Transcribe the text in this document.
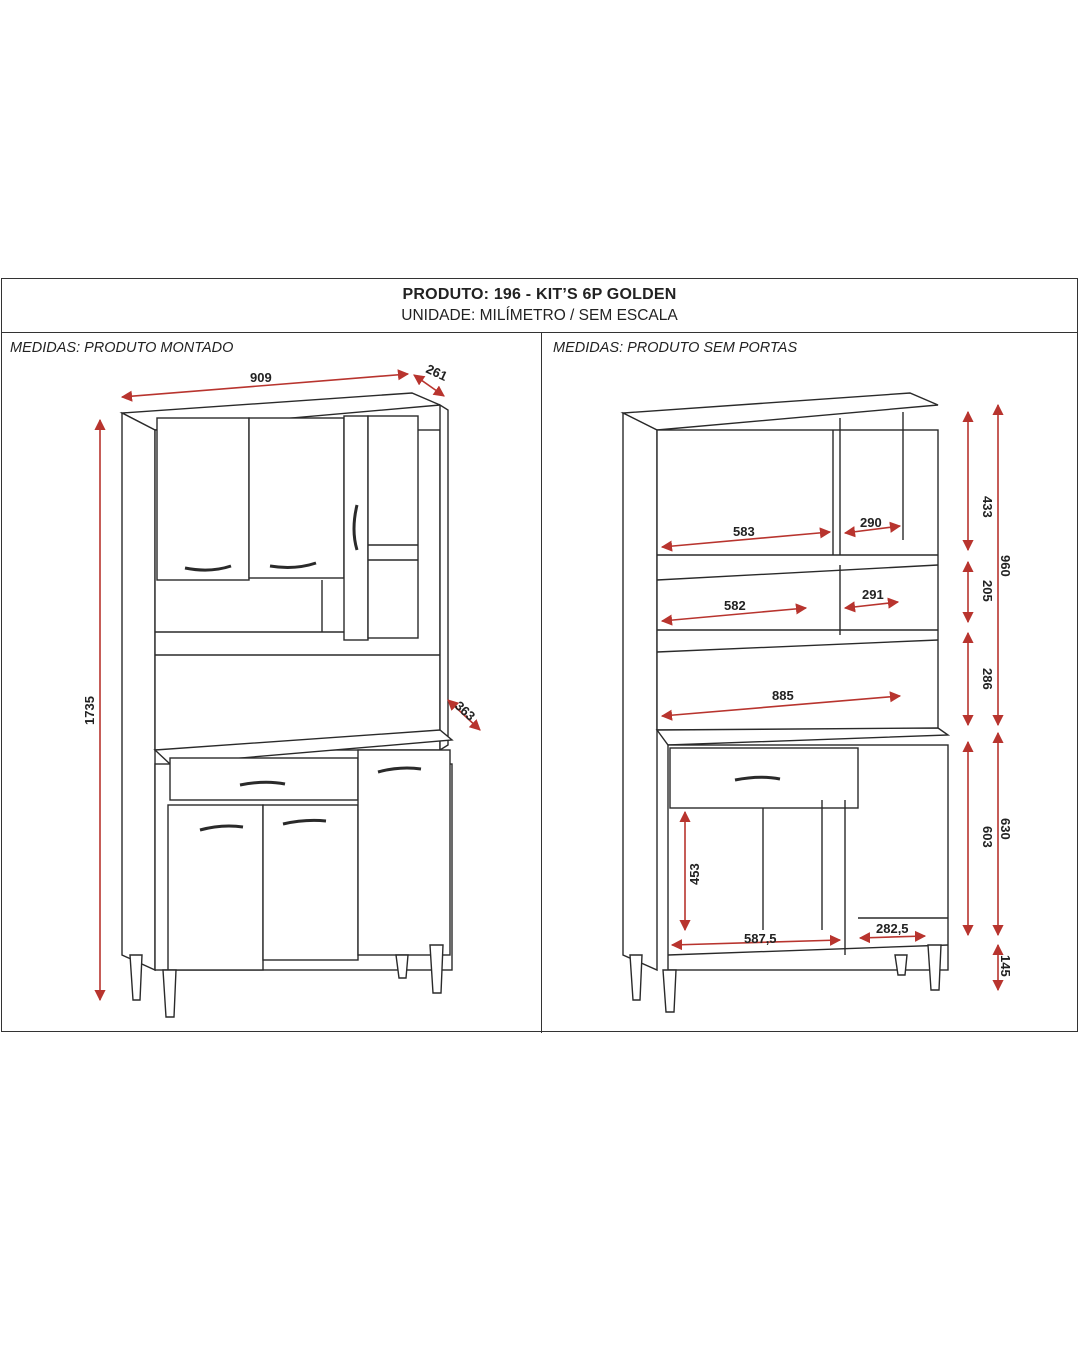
PRODUTO: 196 - KIT’S 6P GOLDEN
UNIDADE: MILÍMETRO / SEM ESCALA
MEDIDAS: PRODUTO MONTADO	MEDIDAS: PRODUTO SEM PORTAS
909	261
1735	363
583
290
582
291
885
453
587,5
282,5
433
205
286
960
603 630
145
